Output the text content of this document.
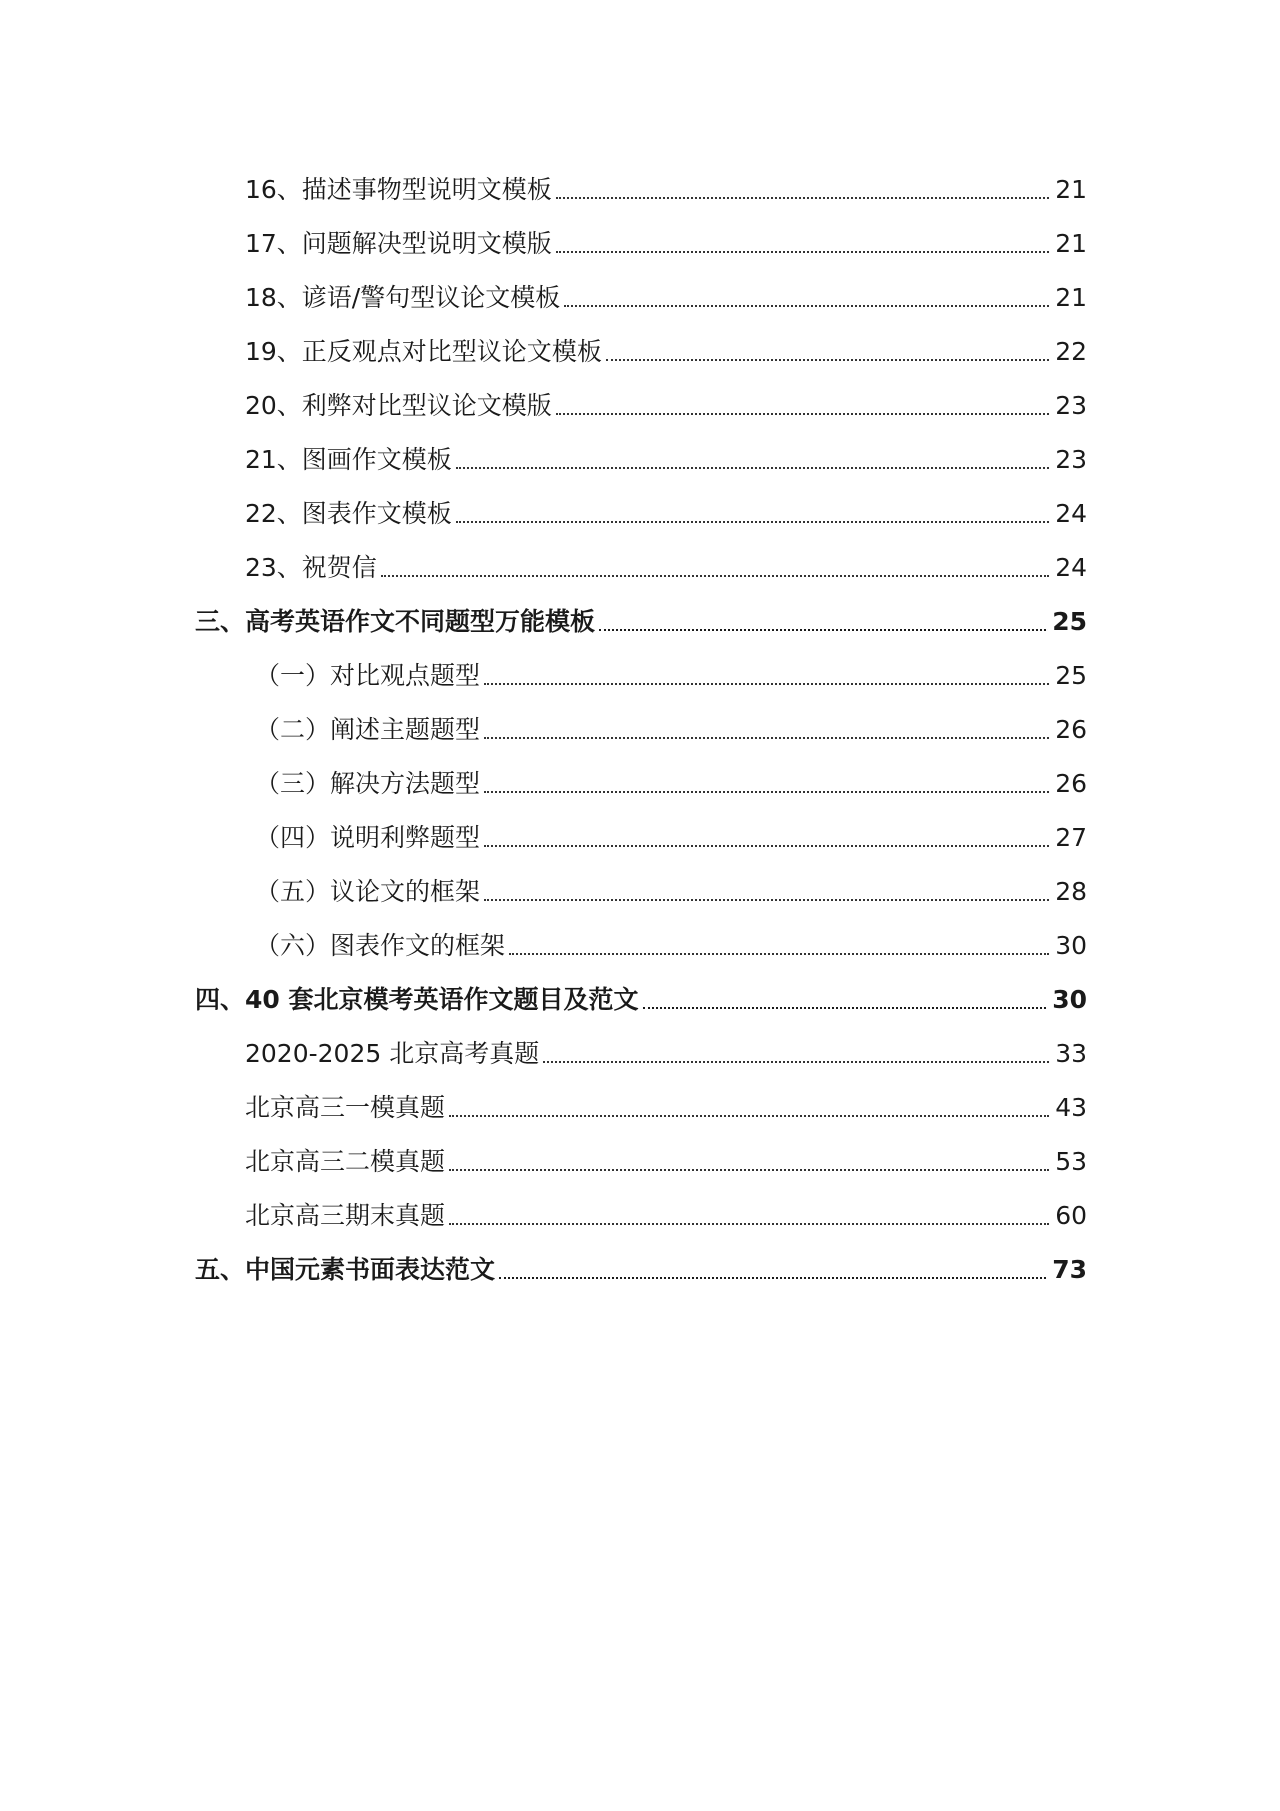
16、描述事物型说明文模板	21
17、问题解决型说明文模版	21
18、谚语/警句型议论文模板	21
19、正反观点对比型议论文模板	22
20、利弊对比型议论文模版	23
21、图画作文模板	23
22、图表作文模板	24
23、祝贺信	24
三、高考英语作文不同题型万能模板	25
（一）对比观点题型	25
（二）阐述主题题型	26
（三）解决方法题型	26
（四）说明利弊题型	27
（五）议论文的框架	28
（六）图表作文的框架	30
四、40 套北京模考英语作文题目及范文	30
2020-2025 北京高考真题	33
北京高三一模真题	43
北京高三二模真题	53
北京高三期末真题	60
五、中国元素书面表达范文	73
